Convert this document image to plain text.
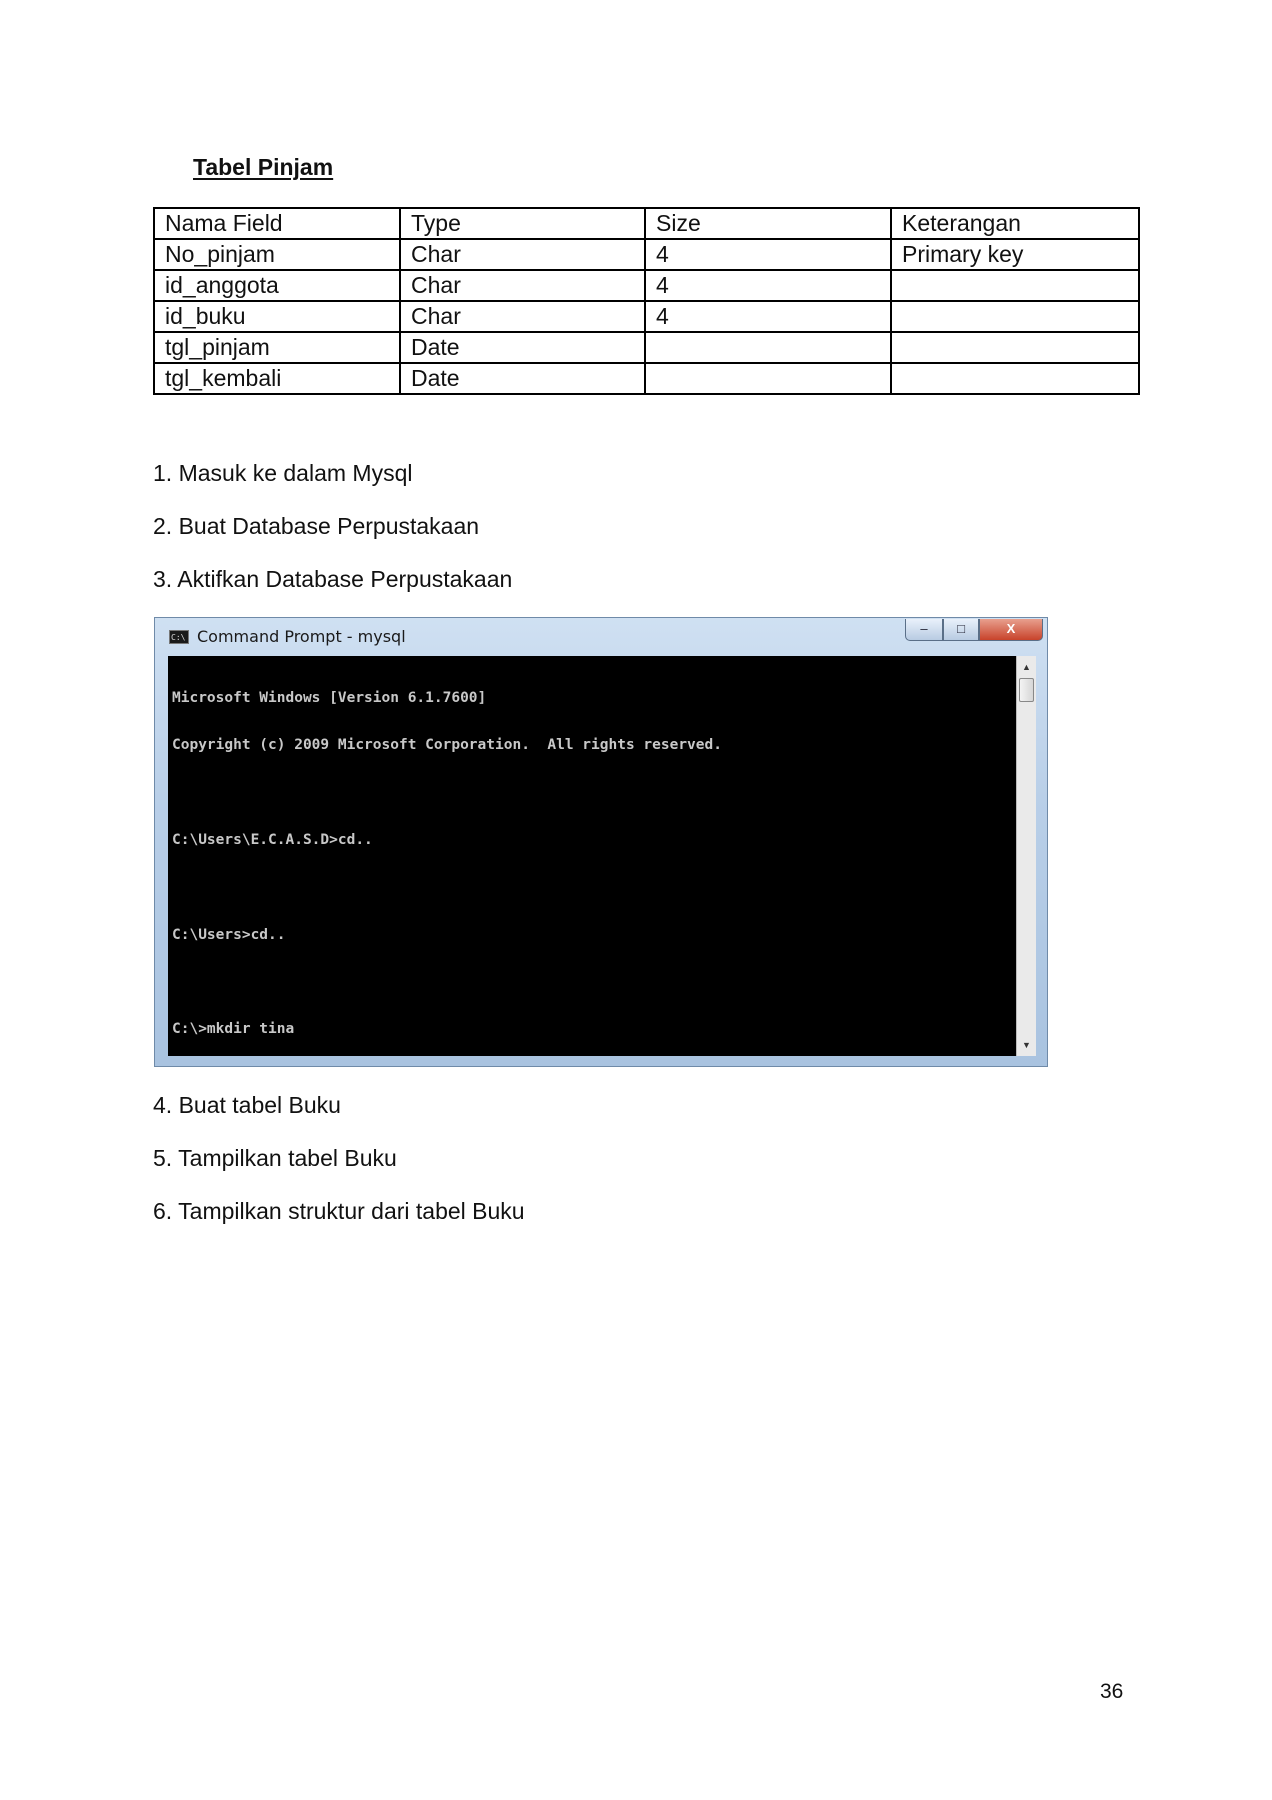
Tabel Pinjam
Nama Field	Type	Size	Keterangan
No_pinjam	Char	4	Primary key
id_anggota	Char	4	
id_buku	Char	4	
tgl_pinjam	Date		
tgl_kembali	Date		
1. Masuk ke dalam Mysql
2. Buat Database Perpustakaan
3. Aktifkan Database Perpustakaan
C:\ Command Prompt - mysql	–	□	X

Microsoft Windows [Version 6.1.7600]

Copyright (c) 2009 Microsoft Corporation.  All rights reserved.

C:\Users\E.C.A.S.D>cd..

C:\Users>cd..

C:\>mkdir tina

▲
▼
4. Buat tabel Buku
5. Tampilkan tabel Buku
6. Tampilkan struktur dari tabel Buku
36
